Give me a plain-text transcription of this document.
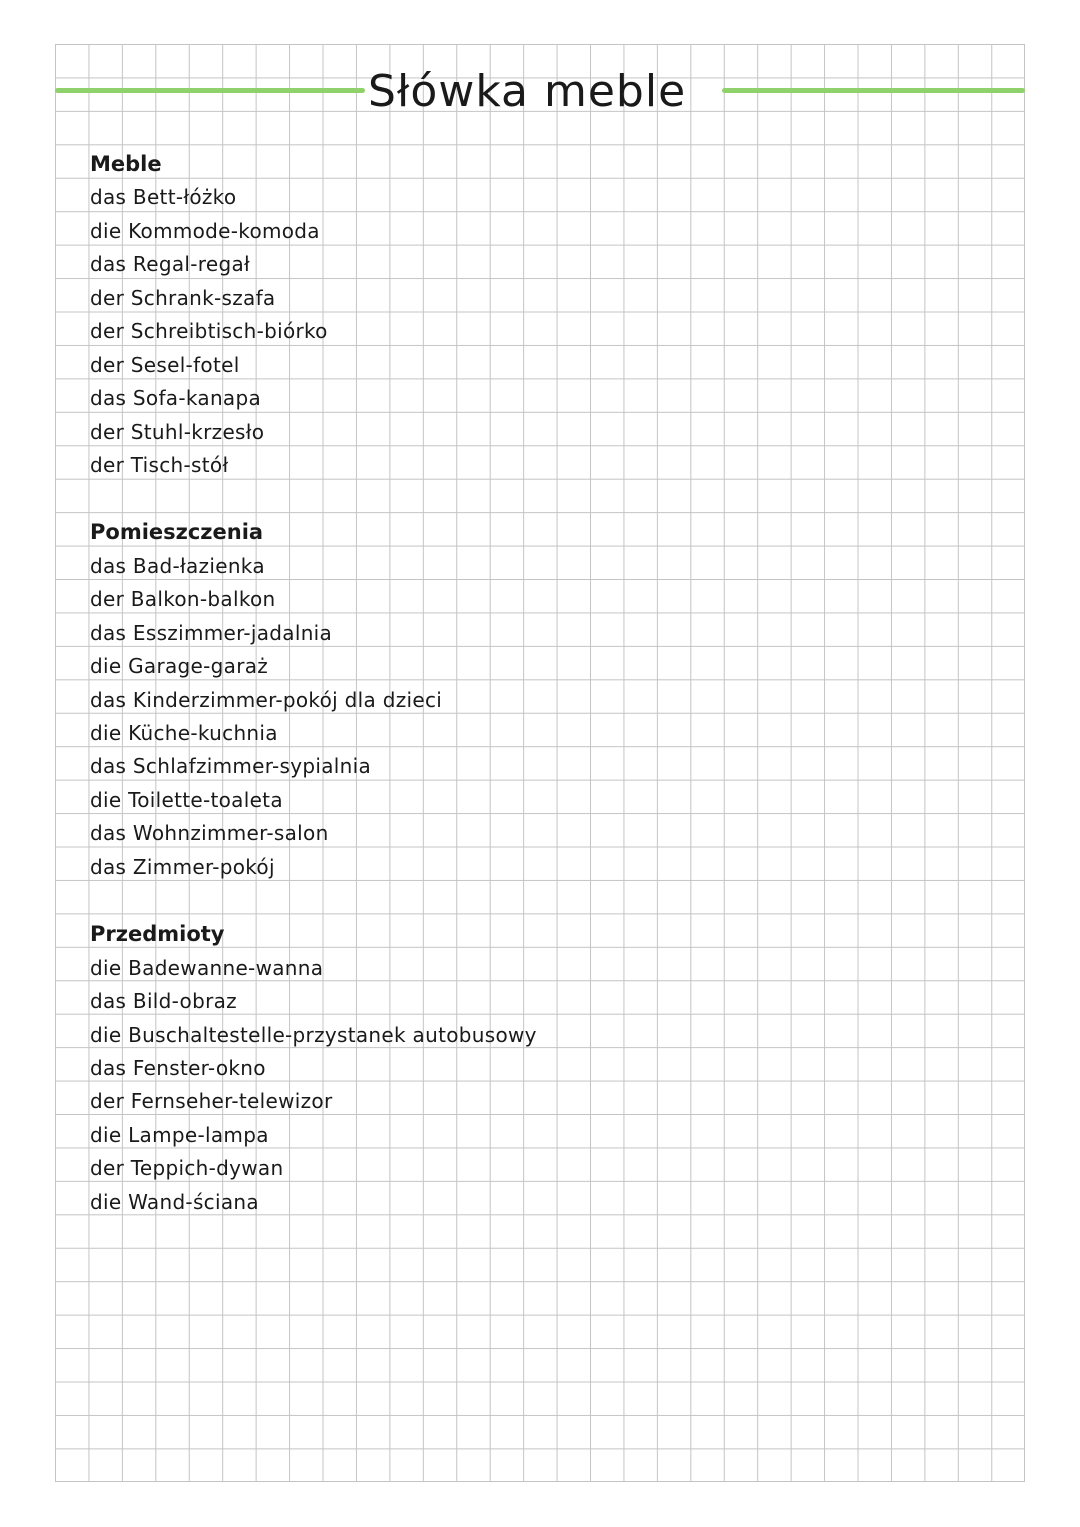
Słówka meble
Meble
das Bett-łóżko
die Kommode-komoda
das Regal-regał
der Schrank-szafa
der Schreibtisch-biórko
der Sesel-fotel
das Sofa-kanapa
der Stuhl-krzesło
der Tisch-stół
Pomieszczenia
das Bad-łazienka
der Balkon-balkon
das Esszimmer-jadalnia
die Garage-garaż
das Kinderzimmer-pokój dla dzieci
die Küche-kuchnia
das Schlafzimmer-sypialnia
die Toilette-toaleta
das Wohnzimmer-salon
das Zimmer-pokój
Przedmioty
die Badewanne-wanna
das Bild-obraz
die Buschaltestelle-przystanek autobusowy
das Fenster-okno
der Fernseher-telewizor
die Lampe-lampa
der Teppich-dywan
die Wand-ściana
